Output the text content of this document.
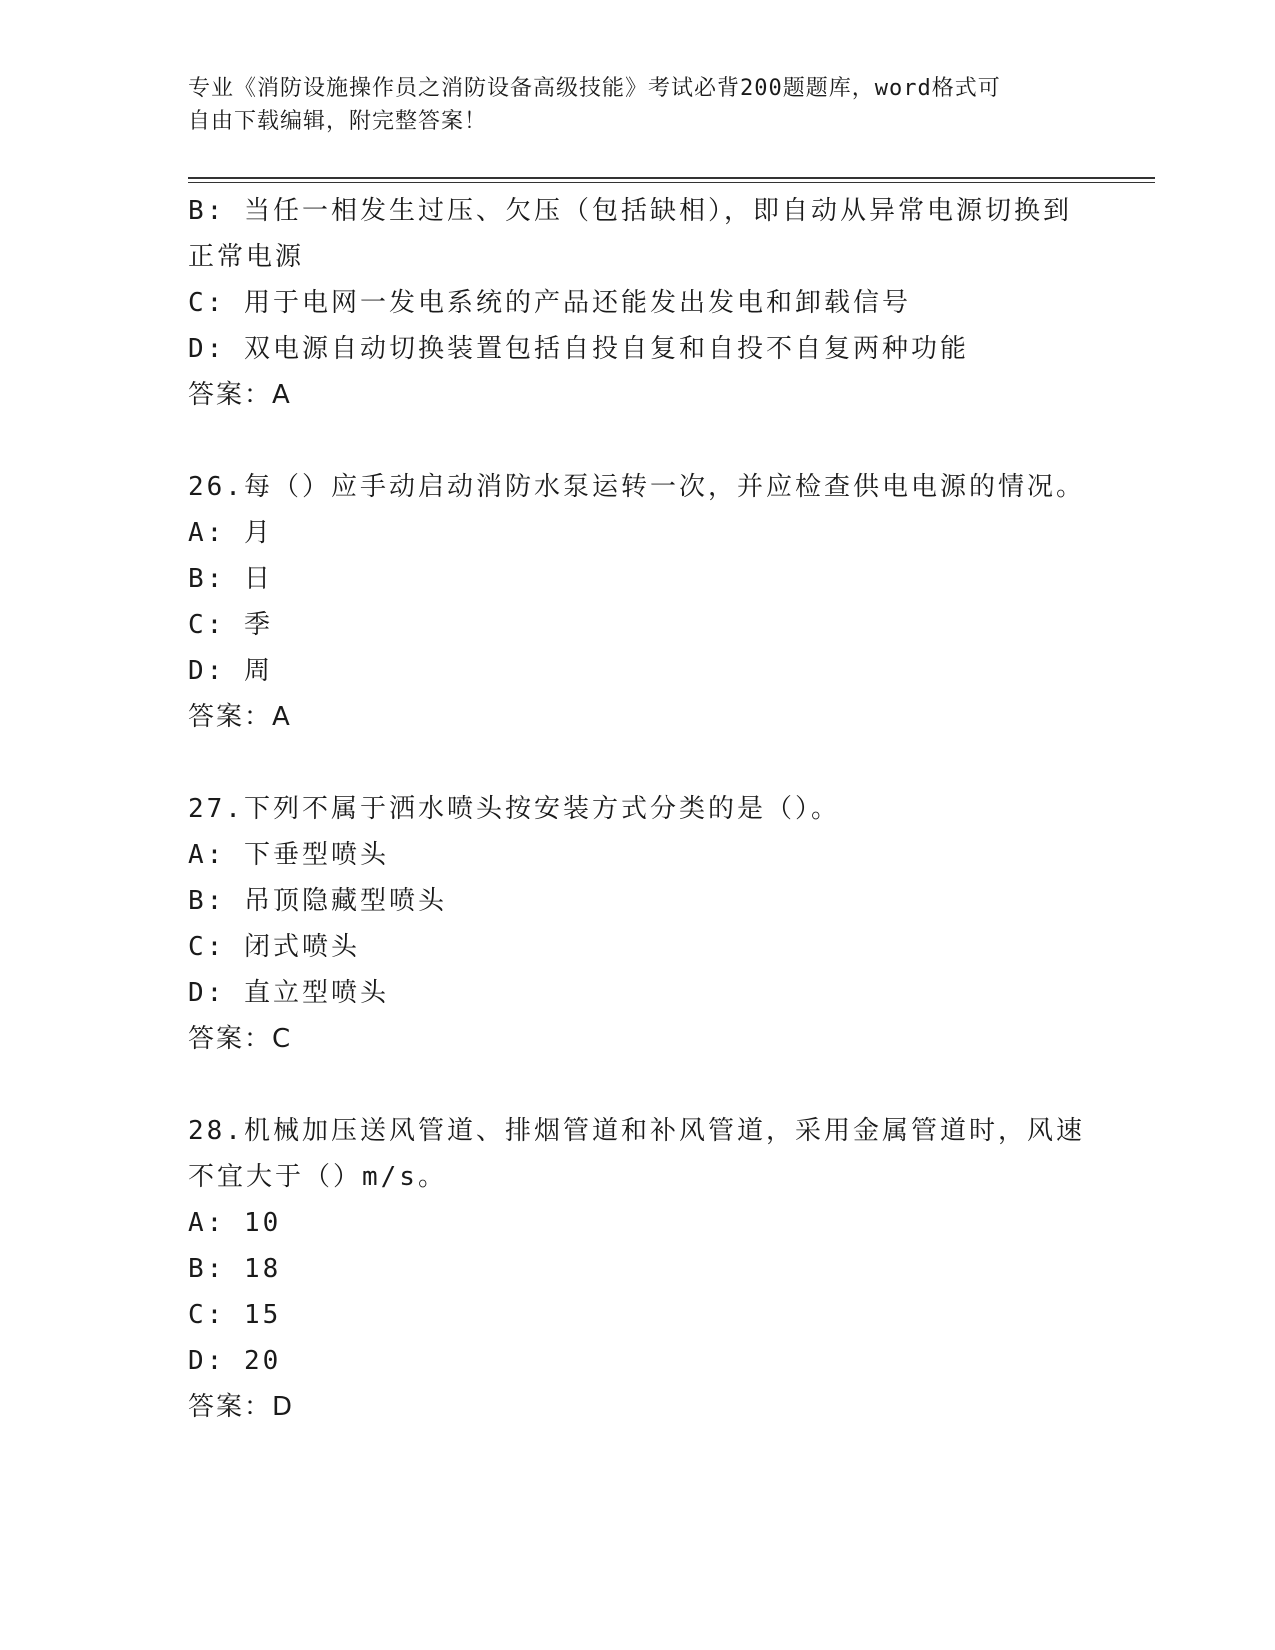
专业《消防设施操作员之消防设备高级技能》考试必背200题题库，word格式可
自由下载编辑，附完整答案！
B: 当任一相发生过压、欠压（包括缺相），即自动从异常电源切换到
正常电源
C: 用于电网一发电系统的产品还能发出发电和卸载信号
D: 双电源自动切换装置包括自投自复和自投不自复两种功能
答案：A
26.每（）应手动启动消防水泵运转一次，并应检查供电电源的情况。
A: 月
B: 日
C: 季
D: 周
答案：A
27.下列不属于洒水喷头按安装方式分类的是（）。
A: 下垂型喷头
B: 吊顶隐藏型喷头
C: 闭式喷头
D: 直立型喷头
答案：C
28.机械加压送风管道、排烟管道和补风管道，采用金属管道时，风速
不宜大于（）m/s。
A: 10
B: 18
C: 15
D: 20
答案：D
